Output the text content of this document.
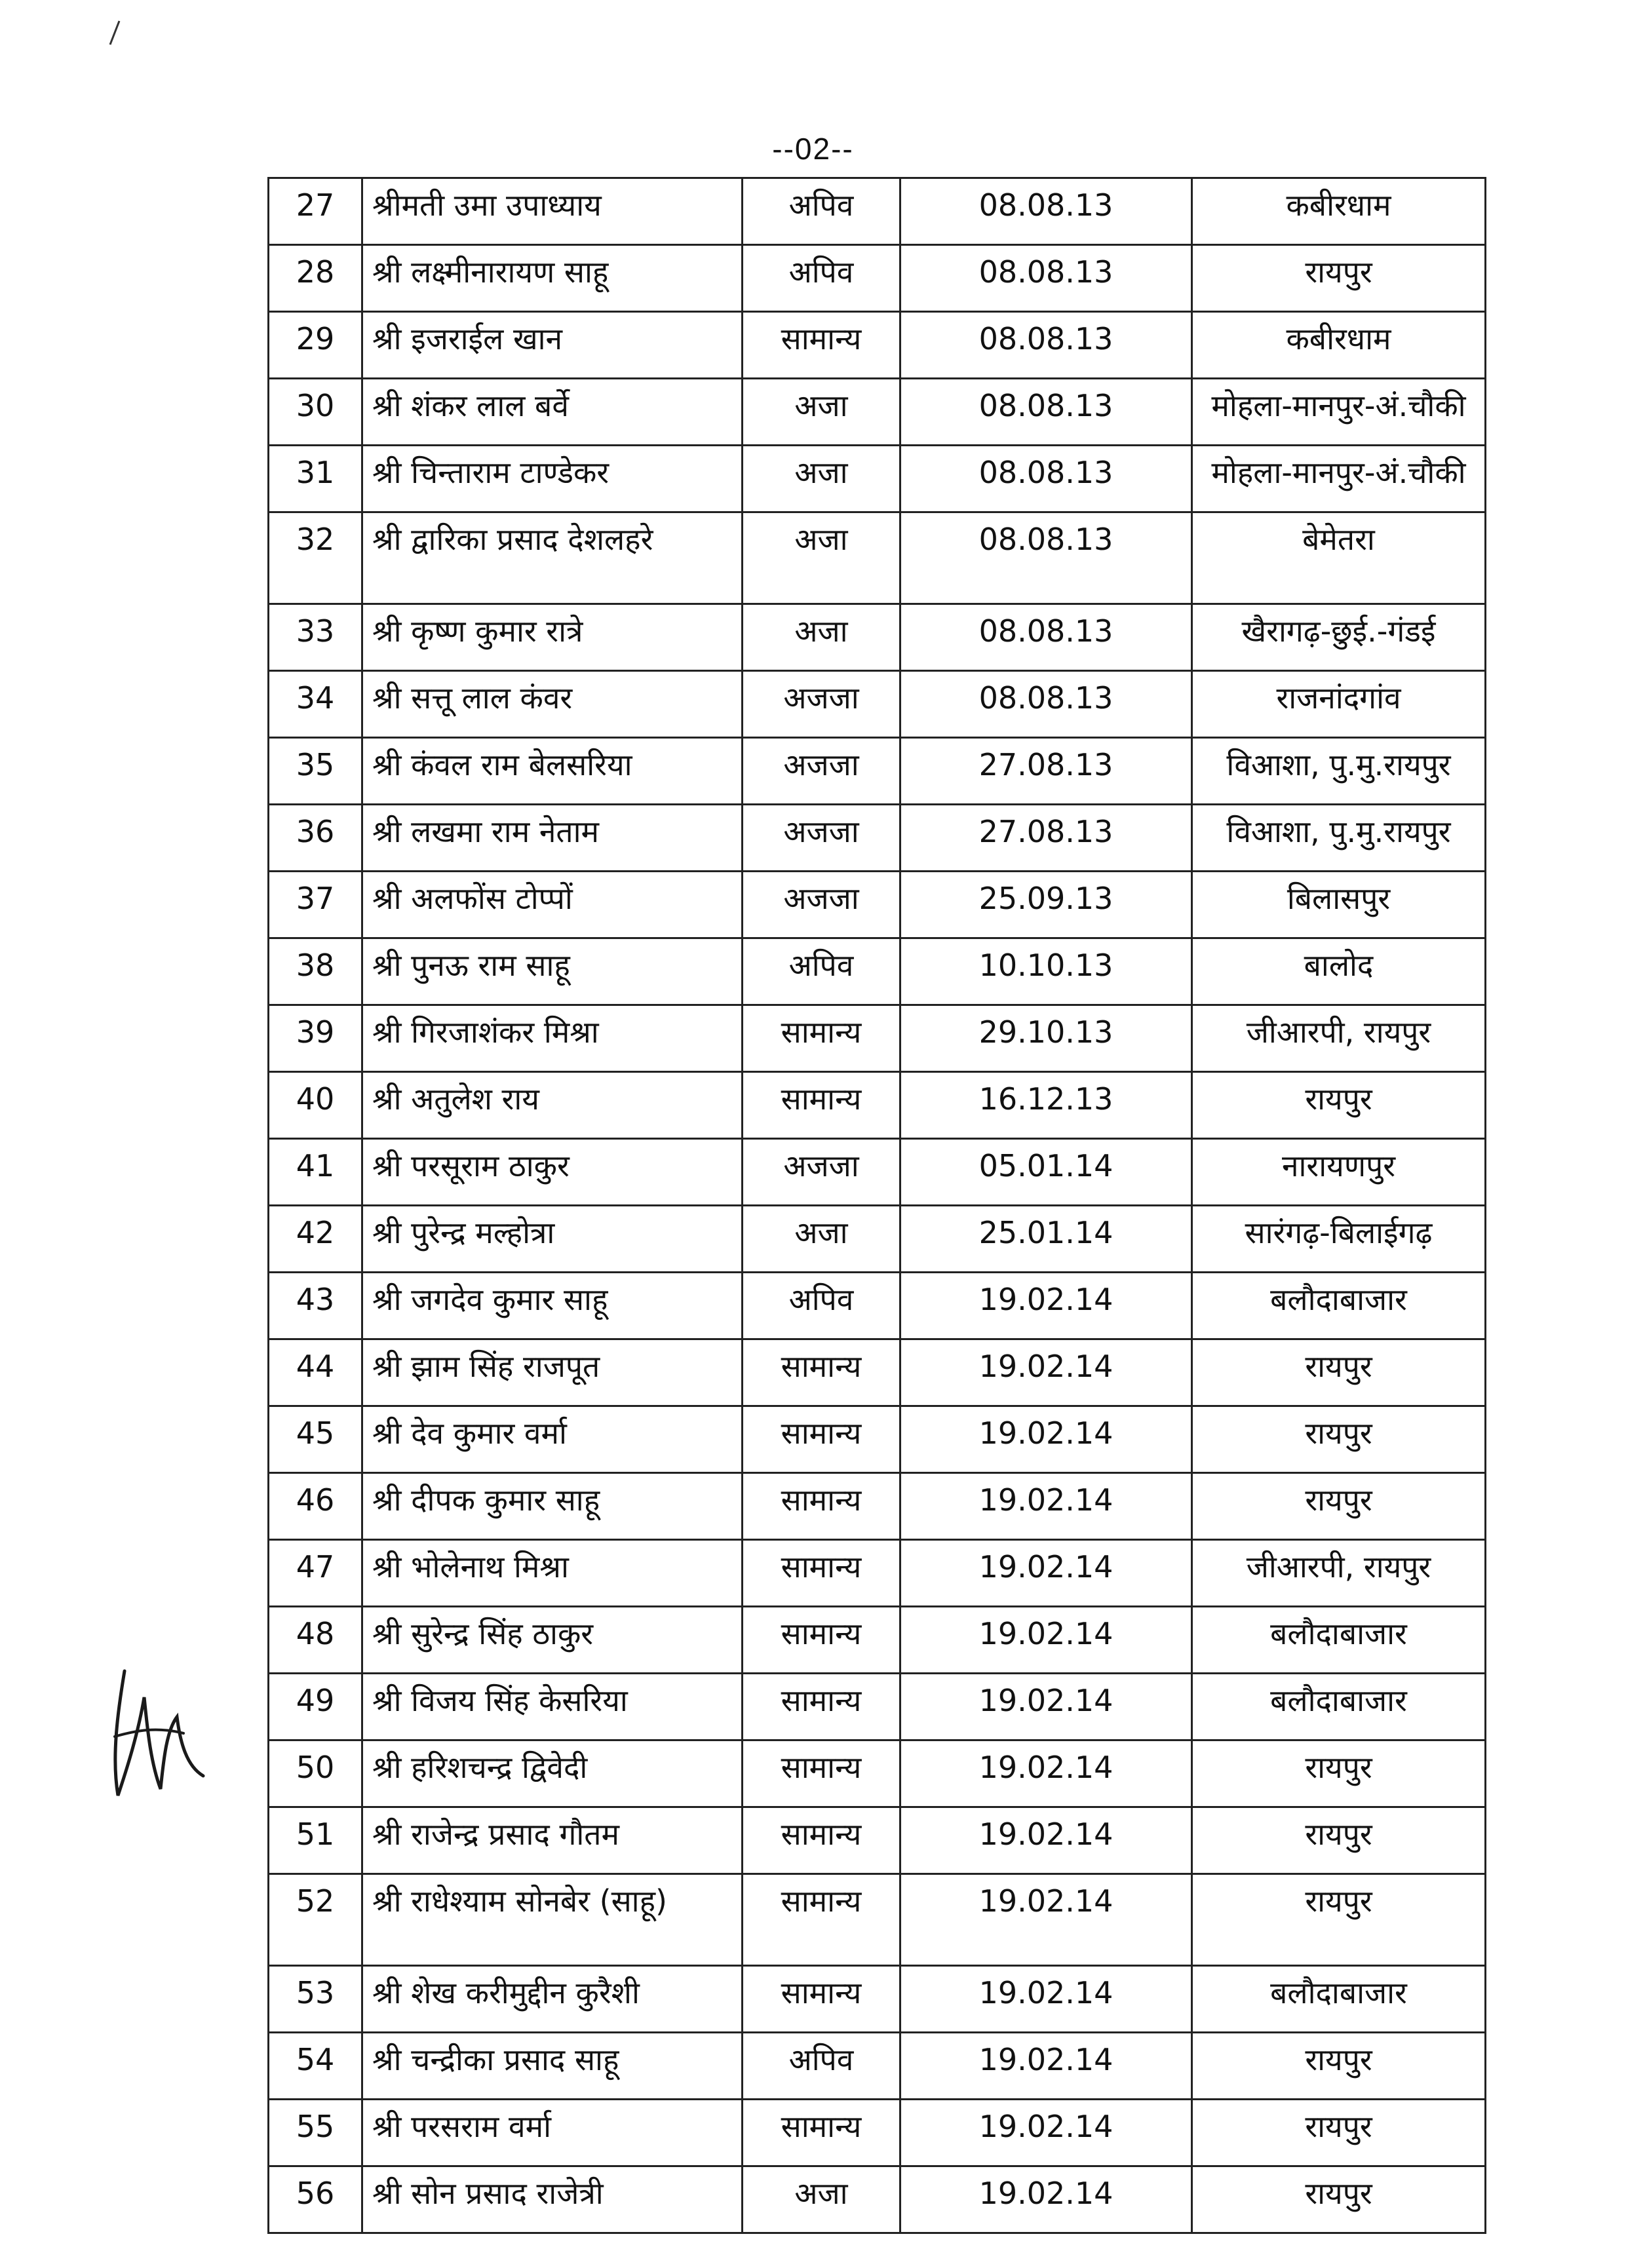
--02--
27	श्रीमती उमा उपाध्याय	अपिव	08.08.13	कबीरधाम
28	श्री लक्ष्मीनारायण साहू	अपिव	08.08.13	रायपुर
29	श्री इजराईल खान	सामान्य	08.08.13	कबीरधाम
30	श्री शंकर लाल बर्वे	अजा	08.08.13	मोहला-मानपुर-अं.चौकी
31	श्री चिन्ताराम टाण्डेकर	अजा	08.08.13	मोहला-मानपुर-अं.चौकी
32	श्री द्वारिका प्रसाद देशलहरे	अजा	08.08.13	बेमेतरा
33	श्री कृष्ण कुमार रात्रे	अजा	08.08.13	खैरागढ़-छुई.-गंडई
34	श्री सत्तू लाल कंवर	अजजा	08.08.13	राजनांदगांव
35	श्री कंवल राम बेलसरिया	अजजा	27.08.13	विआशा, पु.मु.रायपुर
36	श्री लखमा राम नेताम	अजजा	27.08.13	विआशा, पु.मु.रायपुर
37	श्री अलफोंस टोप्पों	अजजा	25.09.13	बिलासपुर
38	श्री पुनऊ राम साहू	अपिव	10.10.13	बालोद
39	श्री गिरजाशंकर मिश्रा	सामान्य	29.10.13	जीआरपी, रायपुर
40	श्री अतुलेश राय	सामान्य	16.12.13	रायपुर
41	श्री परसूराम ठाकुर	अजजा	05.01.14	नारायणपुर
42	श्री पुरेन्द्र मल्होत्रा	अजा	25.01.14	सारंगढ़-बिलाईगढ़
43	श्री जगदेव कुमार साहू	अपिव	19.02.14	बलौदाबाजार
44	श्री झाम सिंह राजपूत	सामान्य	19.02.14	रायपुर
45	श्री देव कुमार वर्मा	सामान्य	19.02.14	रायपुर
46	श्री दीपक कुमार साहू	सामान्य	19.02.14	रायपुर
47	श्री भोलेनाथ मिश्रा	सामान्य	19.02.14	जीआरपी, रायपुर
48	श्री सुरेन्द्र सिंह ठाकुर	सामान्य	19.02.14	बलौदाबाजार
49	श्री विजय सिंह केसरिया	सामान्य	19.02.14	बलौदाबाजार
50	श्री हरिशचन्द्र द्विवेदी	सामान्य	19.02.14	रायपुर
51	श्री राजेन्द्र प्रसाद गौतम	सामान्य	19.02.14	रायपुर
52	श्री राधेश्याम सोनबेर (साहू)	सामान्य	19.02.14	रायपुर
53	श्री शेख करीमुद्दीन कुरैशी	सामान्य	19.02.14	बलौदाबाजार
54	श्री चन्द्रीका प्रसाद साहू	अपिव	19.02.14	रायपुर
55	श्री परसराम वर्मा	सामान्य	19.02.14	रायपुर
56	श्री सोन प्रसाद राजेत्री	अजा	19.02.14	रायपुर
